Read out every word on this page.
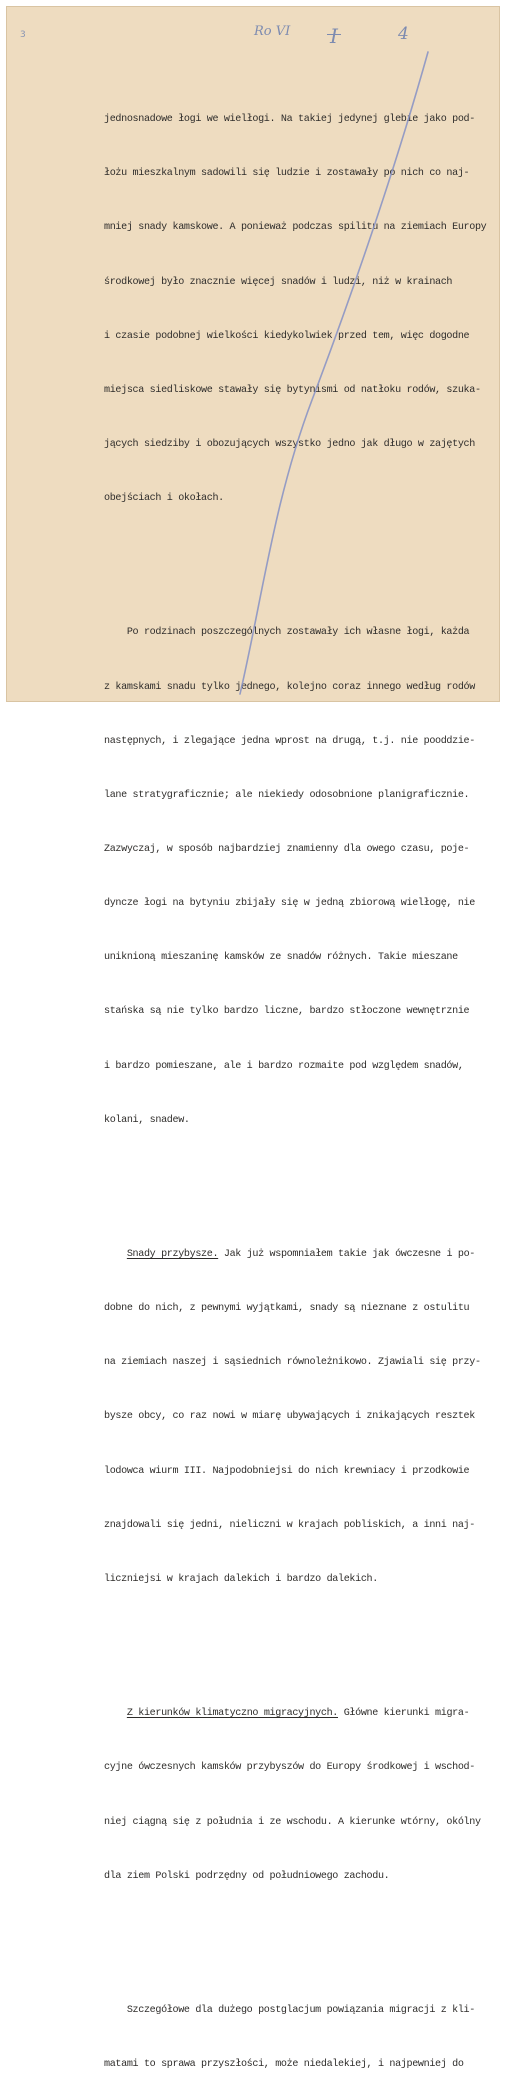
3	Ro VI I	4

jednosnadowe łogi we wielłogi. Na takiej jedynej glebie jako pod-

łożu mieszkalnym sadowili się ludzie i zostawały po nich co naj-

mniej snady kamskowe. A ponieważ podczas spilitu na ziemiach Europy

środkowej było znacznie więcej snadów i ludzi, niż w krainach

i czasie podobnej wielkości kiedykolwiek przed tem, więc dogodne

miejsca siedliskowe stawały się bytynismi od natłoku rodów, szuka-

jących siedziby i obozujących wszystko jedno jak długo w zajętych

obejściach i okołach.

Po rodzinach poszczególnych zostawały ich własne łogi, każda

z kamskami snadu tylko jednego, kolejno coraz innego według rodów

następnych, i zlegające jedna wprost na drugą, t.j. nie pooddzie-

lane stratygraficznie; ale niekiedy odosobnione planigraficznie.

Zazwyczaj, w sposób najbardziej znamienny dla owego czasu, poje-

dyncze łogi na bytyniu zbijały się w jedną zbiorową wielłogę, nie

uniknioną mieszaninę kamsków ze snadów różnych. Takie mieszane

stańska są nie tylko bardzo liczne, bardzo stłoczone wewnętrznie

i bardzo pomieszane, ale i bardzo rozmaite pod względem snadów,

kolani, snadew.

Snady przybysze. Jak już wspomniałem takie jak ówczesne i po-

dobne do nich, z pewnymi wyjątkami, snady są nieznane z ostulitu

na ziemiach naszej i sąsiednich równoleżnikowo. Zjawiali się przy-

bysze obcy, co raz nowi w miarę ubywających i znikających resztek

lodowca wiurm III. Najpodobniejsi do nich krewniacy i przodkowie

znajdowali się jedni, nieliczni w krajach pobliskich, a inni naj-

liczniejsi w krajach dalekich i bardzo dalekich.

Z kierunków klimatyczno migracyjnych. Główne kierunki migra-

cyjne ówczesnych kamsków przybyszów do Europy środkowej i wschod-

niej ciągną się z południa i ze wschodu. A kierunke wtórny, okólny

dla ziem Polski podrzędny od południowego zachodu.

Szczegółowe dla dużego postglacjum powiązania migracji z kli-

matami to sprawa przyszłości, może niedalekiej, i najpewniej do
